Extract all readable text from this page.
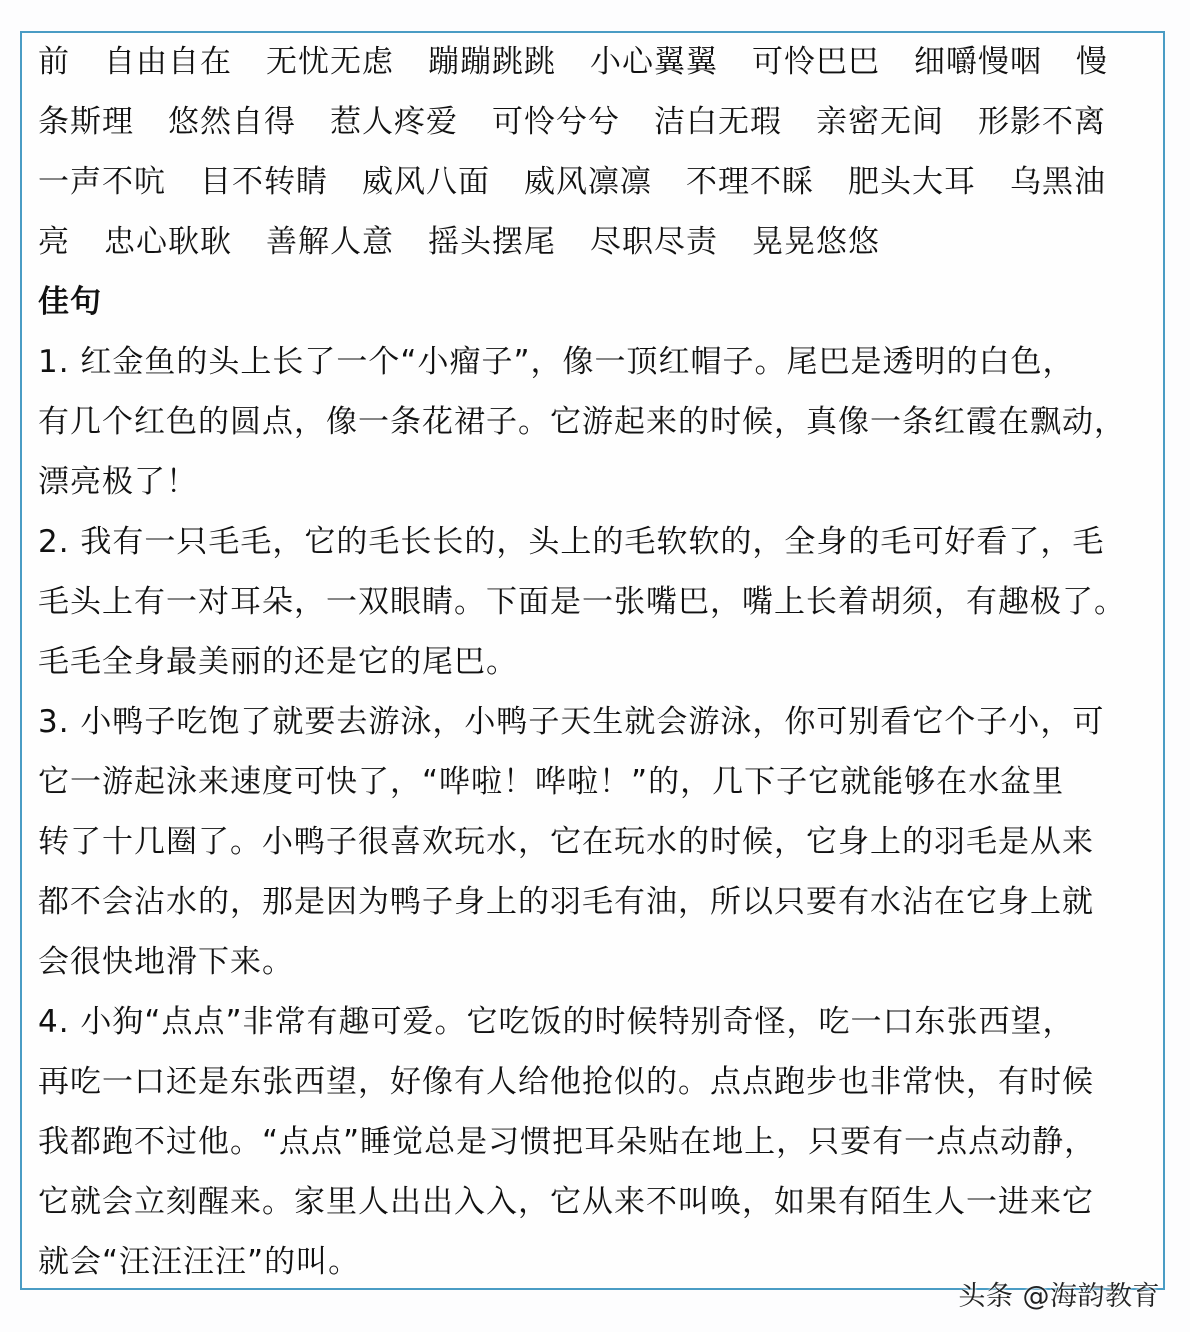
前 自由自在 无忧无虑 蹦蹦跳跳 小心翼翼 可怜巴巴 细嚼慢咽 慢
条斯理 悠然自得 惹人疼爱 可怜兮兮 洁白无瑕 亲密无间 形影不离
一声不吭 目不转睛 威风八面 威风凛凛 不理不睬 肥头大耳 乌黑油
亮 忠心耿耿 善解人意 摇头摆尾 尽职尽责 晃晃悠悠
佳句
1. 红金鱼的头上长了一个“小瘤子”，像一顶红帽子。尾巴是透明的白色，
有几个红色的圆点，像一条花裙子。它游起来的时候，真像一条红霞在飘动，
漂亮极了！
2. 我有一只毛毛，它的毛长长的，头上的毛软软的，全身的毛可好看了，毛
毛头上有一对耳朵，一双眼睛。下面是一张嘴巴，嘴上长着胡须，有趣极了。
毛毛全身最美丽的还是它的尾巴。
3. 小鸭子吃饱了就要去游泳，小鸭子天生就会游泳，你可别看它个子小，可
它一游起泳来速度可快了，“哗啦！哗啦！”的，几下子它就能够在水盆里
转了十几圈了。小鸭子很喜欢玩水，它在玩水的时候，它身上的羽毛是从来
都不会沾水的，那是因为鸭子身上的羽毛有油，所以只要有水沾在它身上就
会很快地滑下来。
4. 小狗“点点”非常有趣可爱。它吃饭的时候特别奇怪，吃一口东张西望，
再吃一口还是东张西望，好像有人给他抢似的。点点跑步也非常快，有时候
我都跑不过他。“点点”睡觉总是习惯把耳朵贴在地上，只要有一点点动静，
它就会立刻醒来。家里人出出入入，它从来不叫唤，如果有陌生人一进来它
就会“汪汪汪汪”的叫。
头条 @海韵教育
